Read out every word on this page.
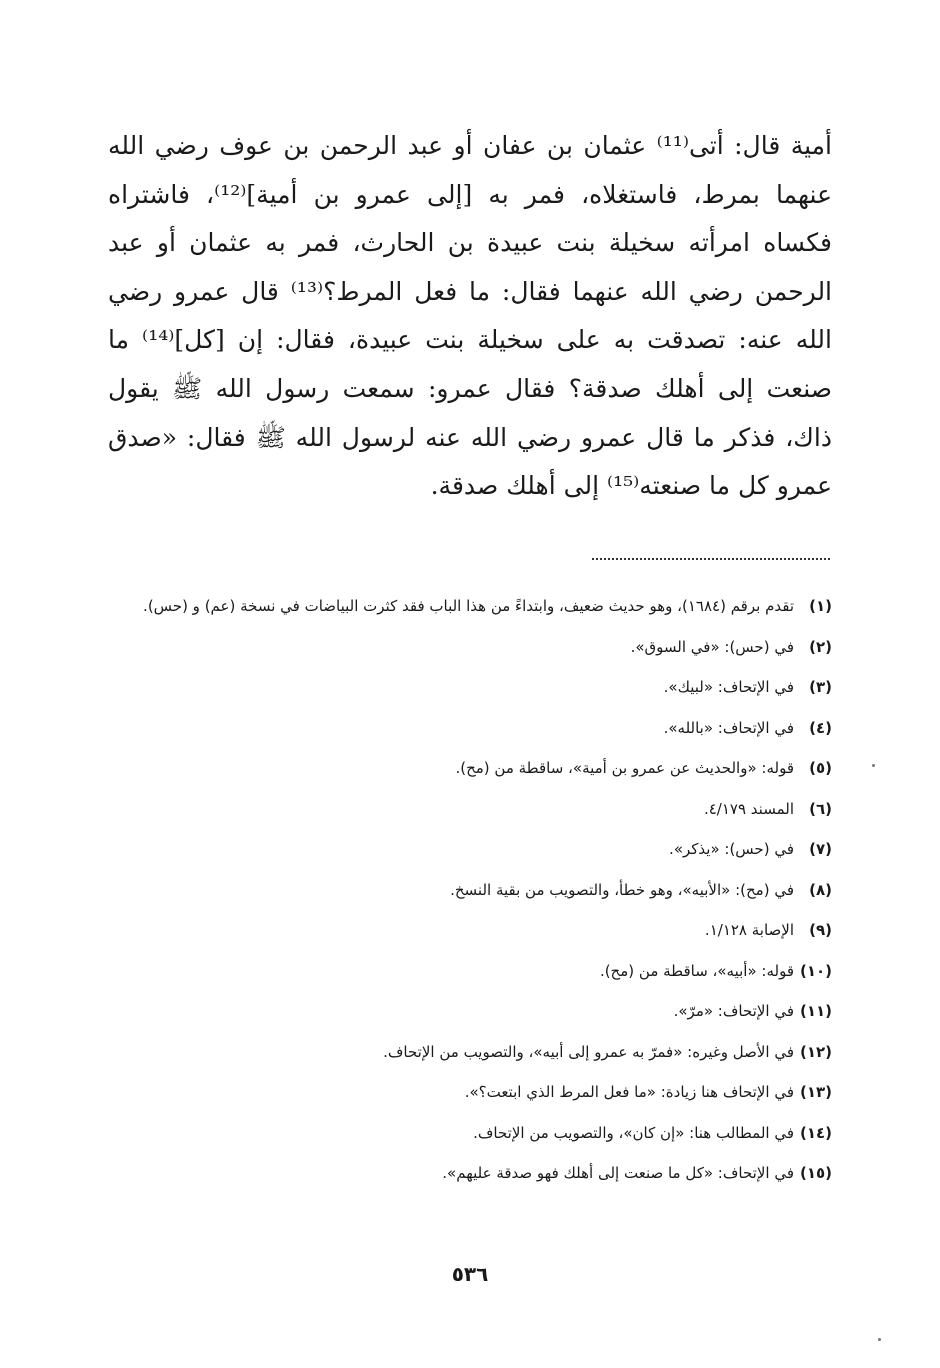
أمية قال: أتى⁽¹¹⁾ عثمان بن عفان أو عبد الرحمن بن عوف رضي الله عنهما بمرط، فاستغلاه، فمر به [إلى عمرو بن أمية]⁽¹²⁾، فاشتراه فكساه امرأته سخيلة بنت عبيدة بن الحارث، فمر به عثمان أو عبد الرحمن رضي الله عنهما فقال: ما فعل المرط؟⁽¹³⁾ قال عمرو رضي الله عنه: تصدقت به على سخيلة بنت عبيدة، فقال: إن [كل]⁽¹⁴⁾ ما صنعت إلى أهلك صدقة؟ فقال عمرو: سمعت رسول الله ﷺ يقول ذاك، فذكر ما قال عمرو رضي الله عنه لرسول الله ﷺ فقال: «صدق عمرو كل ما صنعته⁽¹⁵⁾ إلى أهلك صدقة.

(١)
تقدم برقم (١٦٨٤)، وهو حديث ضعيف، وابتداءً من هذا الباب فقد كثرت البياضات في نسخة (عم) و (حس).
(٢)
في (حس): «في السوق».
(٣)
في الإتحاف: «لبيك».
(٤)
في الإتحاف: «بالله».
(٥)
قوله: «والحديث عن عمرو بن أمية»، ساقطة من (مح).
(٦)
المسند ٤/١٧٩.
(٧)
في (حس): «يذكر».
(٨)
في (مح): «الأبيه»، وهو خطأ، والتصويب من بقية النسخ.
(٩)
الإصابة ١/١٢٨.
(١٠)
قوله: «أبيه»، ساقطة من (مح).
(١١)
في الإتحاف: «مرّ».
(١٢)
في الأصل وغيره: «فمرّ به عمرو إلى أبيه»، والتصويب من الإتحاف.
(١٣)
في الإتحاف هنا زيادة: «ما فعل المرط الذي ابتعت؟».
(١٤)
في المطالب هنا: «إن كان»، والتصويب من الإتحاف.
(١٥)
في الإتحاف: «كل ما صنعت إلى أهلك فهو صدقة عليهم».
٥٣٦
